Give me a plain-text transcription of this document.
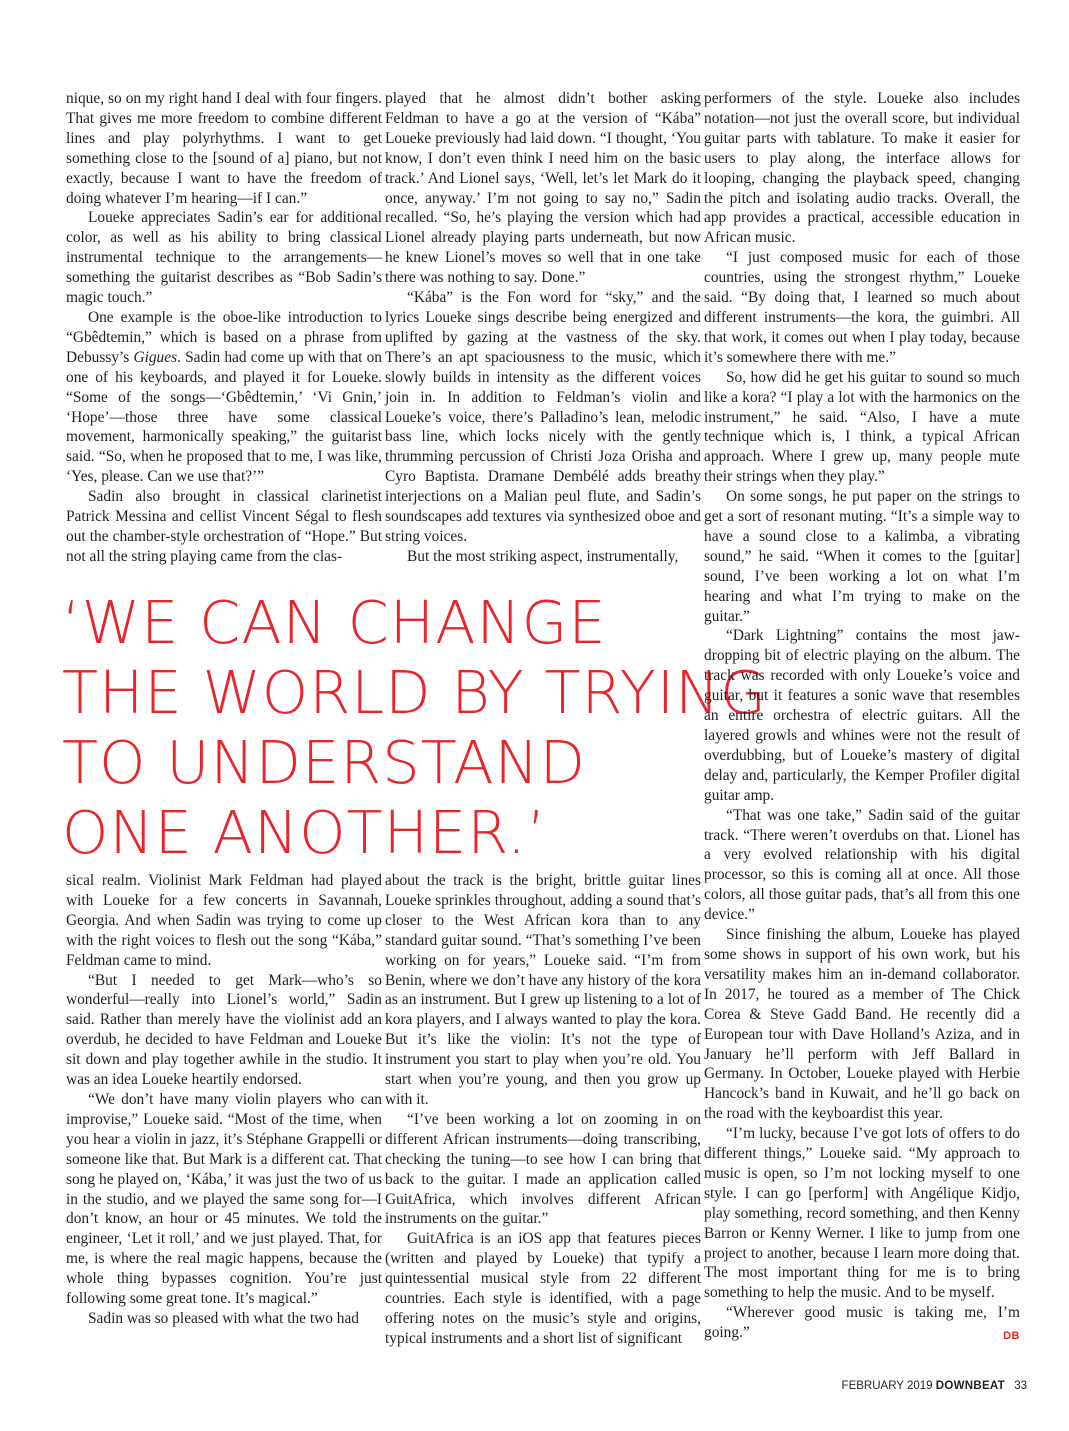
nique, so on my right hand I deal with four fingers. That gives me more freedom to combine different lines and play polyrhythms. I want to get something close to the [sound of a] piano, but not exactly, because I want to have the freedom of doing whatever I’m hearing—if I can.”

Loueke appreciates Sadin’s ear for additional color, as well as his ability to bring classical instrumental technique to the arrangements—something the guitarist describes as “Bob Sadin’s magic touch.”

One example is the oboe-like introduction to “Gbêdtemin,” which is based on a phrase from Debussy’s Gigues. Sadin had come up with that on one of his keyboards, and played it for Loueke. “Some of the songs—‘Gbêdtemin,’ ‘Vi Gnin,’ ‘Hope’—those three have some classical movement, harmonically speaking,” the guitarist said. “So, when he proposed that to me, I was like, ‘Yes, please. Can we use that?’”

Sadin also brought in classical clarinetist Patrick Messina and cellist Vincent Ségal to flesh out the chamber-style orchestration of “Hope.” But not all the string playing came from the clas-

played that he almost didn’t bother asking Feldman to have a go at the version of “Kába” Loueke previously had laid down. “I thought, ‘You know, I don’t even think I need him on the basic track.’ And Lionel says, ‘Well, let’s let Mark do it once, anyway.’ I’m not going to say no,” Sadin recalled. “So, he’s playing the version which had Lionel already playing parts underneath, but now he knew Lionel’s moves so well that in one take there was nothing to say. Done.”

“Kába” is the Fon word for “sky,” and the lyrics Loueke sings describe being energized and uplifted by gazing at the vastness of the sky. There’s an apt spaciousness to the music, which slowly builds in intensity as the different voices join in. In addition to Feldman’s violin and Loueke’s voice, there’s Palladino’s lean, melodic bass line, which locks nicely with the gently thrumming percussion of Christi Joza Orisha and Cyro Baptista. Dramane Dembélé adds breathy interjections on a Malian peul flute, and Sadin’s soundscapes add textures via synthesized oboe and string voices.

But the most striking aspect, instrumentally,

‘WE CAN CHANGE
THE WORLD BY TRYING
TO UNDERSTAND
ONE ANOTHER.’

sical realm. Violinist Mark Feldman had played with Loueke for a few concerts in Savannah, Georgia. And when Sadin was trying to come up with the right voices to flesh out the song “Kába,” Feldman came to mind.

“But I needed to get Mark—who’s so wonderful—really into Lionel’s world,” Sadin said. Rather than merely have the violinist add an overdub, he decided to have Feldman and Loueke sit down and play together awhile in the studio. It was an idea Loueke heartily endorsed.

“We don’t have many violin players who can improvise,” Loueke said. “Most of the time, when you hear a violin in jazz, it’s Stéphane Grappelli or someone like that. But Mark is a different cat. That song he played on, ‘Kába,’ it was just the two of us in the studio, and we played the same song for—I don’t know, an hour or 45 minutes. We told the engineer, ‘Let it roll,’ and we just played. That, for me, is where the real magic happens, because the whole thing bypasses cognition. You’re just following some great tone. It’s magical.”

Sadin was so pleased with what the two had

about the track is the bright, brittle guitar lines Loueke sprinkles throughout, adding a sound that’s closer to the West African kora than to any standard guitar sound. “That’s something I’ve been working on for years,” Loueke said. “I’m from Benin, where we don’t have any history of the kora as an instrument. But I grew up listening to a lot of kora players, and I always wanted to play the kora. But it’s like the violin: It’s not the type of instrument you start to play when you’re old. You start when you’re young, and then you grow up with it.

“I’ve been working a lot on zooming in on different African instruments—doing transcribing, checking the tuning—to see how I can bring that back to the guitar. I made an application called GuitAfrica, which involves different African instruments on the guitar.”

GuitAfrica is an iOS app that features pieces (written and played by Loueke) that typify a quintessential musical style from 22 different countries. Each style is identified, with a page offering notes on the music’s style and origins, typical instruments and a short list of significant

performers of the style. Loueke also includes notation—not just the overall score, but individual guitar parts with tablature. To make it easier for users to play along, the interface allows for looping, changing the playback speed, changing the pitch and isolating audio tracks. Overall, the app provides a practical, accessible education in African music.

“I just composed music for each of those countries, using the strongest rhythm,” Loueke said. “By doing that, I learned so much about different instruments—the kora, the guimbri. All that work, it comes out when I play today, because it’s somewhere there with me.”

So, how did he get his guitar to sound so much like a kora? “I play a lot with the harmonics on the instrument,” he said. “Also, I have a mute technique which is, I think, a typical African approach. Where I grew up, many people mute their strings when they play.”

On some songs, he put paper on the strings to get a sort of resonant muting. “It’s a simple way to have a sound close to a kalimba, a vibrating sound,” he said. “When it comes to the [guitar] sound, I’ve been working a lot on what I’m hearing and what I’m trying to make on the guitar.”

“Dark Lightning” contains the most jaw-dropping bit of electric playing on the album. The track was recorded with only Loueke’s voice and guitar, but it features a sonic wave that resembles an entire orchestra of electric guitars. All the layered growls and whines were not the result of overdubbing, but of Loueke’s mastery of digital delay and, particularly, the Kemper Profiler digital guitar amp.

“That was one take,” Sadin said of the guitar track. “There weren’t overdubs on that. Lionel has a very evolved relationship with his digital processor, so this is coming all at once. All those colors, all those guitar pads, that’s all from this one device.”

Since finishing the album, Loueke has played some shows in support of his own work, but his versatility makes him an in-demand collaborator. In 2017, he toured as a member of The Chick Corea & Steve Gadd Band. He recently did a European tour with Dave Holland’s Aziza, and in January he’ll perform with Jeff Ballard in Germany. In October, Loueke played with Herbie Hancock’s band in Kuwait, and he’ll go back on the road with the keyboardist this year.

“I’m lucky, because I’ve got lots of offers to do different things,” Loueke said. “My approach to music is open, so I’m not locking myself to one style. I can go [perform] with Angélique Kidjo, play something, record something, and then Kenny Barron or Kenny Werner. I like to jump from one project to another, because I learn more doing that. The most important thing for me is to bring something to help the music. And to be myself.

“Wherever good music is taking me, I’m going.”	DB

FEBRUARY 2019 DOWNBEAT 33
